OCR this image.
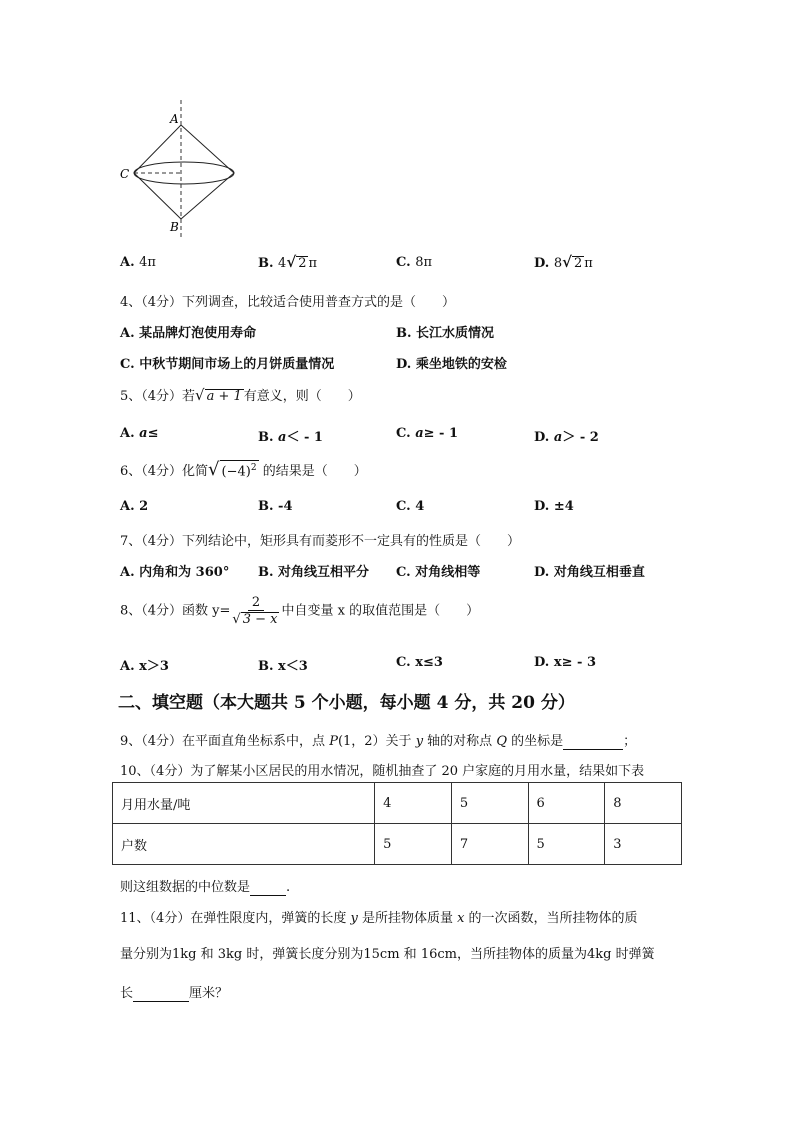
A
C
B
A. 4π	B. 4√ 2 π	C. 8π	D. 8√ 2 π
4、（4分）下列调查，比较适合使用普查方式的是（　　）
A. 某品牌灯泡使用寿命	B. 长江水质情况
C. 中秋节期间市场上的月饼质量情况	D. 乘坐地铁的安检
5、（4分）若√ a + 1 有意义，则（　　）
A. a≤	B. a＜ - 1	C. a≥ - 1	D. a＞ - 2
6、（4分）化简√ $(-4)^2$ 的结果是（　　）
A. 2	B. -4	C. 4	D. ±4
7、（4分）下列结论中，矩形具有而菱形不一定具有的性质是（　　）
A. 内角和为 360° B. 对角线互相平分 C. 对角线相等	D. 对角线互相垂直
8、（4分）函数 $y= \frac{2}{√ 3 - x}$ 中自变量 x 的取值范围是（　　）
A. x＞3	B. x＜3	C. x≤3	D. x≥ - 3
二、填空题（本大题共 5 个小题，每小题 4 分，共 20 分）
9、（4分）在平面直角坐标系中，点 P(1，2）关于 y 轴的对称点 Q 的坐标是	；
10、（4分）为了解某小区居民的用水情况，随机抽查了 20 户家庭的月用水量，结果如下表
月用水量/吨	4	5	6	8
户数	5	7	5	3
则这组数据的中位数是	.
11、（4分）在弹性限度内，弹簧的长度 y 是所挂物体质量 x 的一次函数，当所挂物体的质
量分别为1kg 和 3kg 时，弹簧长度分别为15cm 和 16cm，当所挂物体的质量为4kg 时弹簧
长	厘米？
